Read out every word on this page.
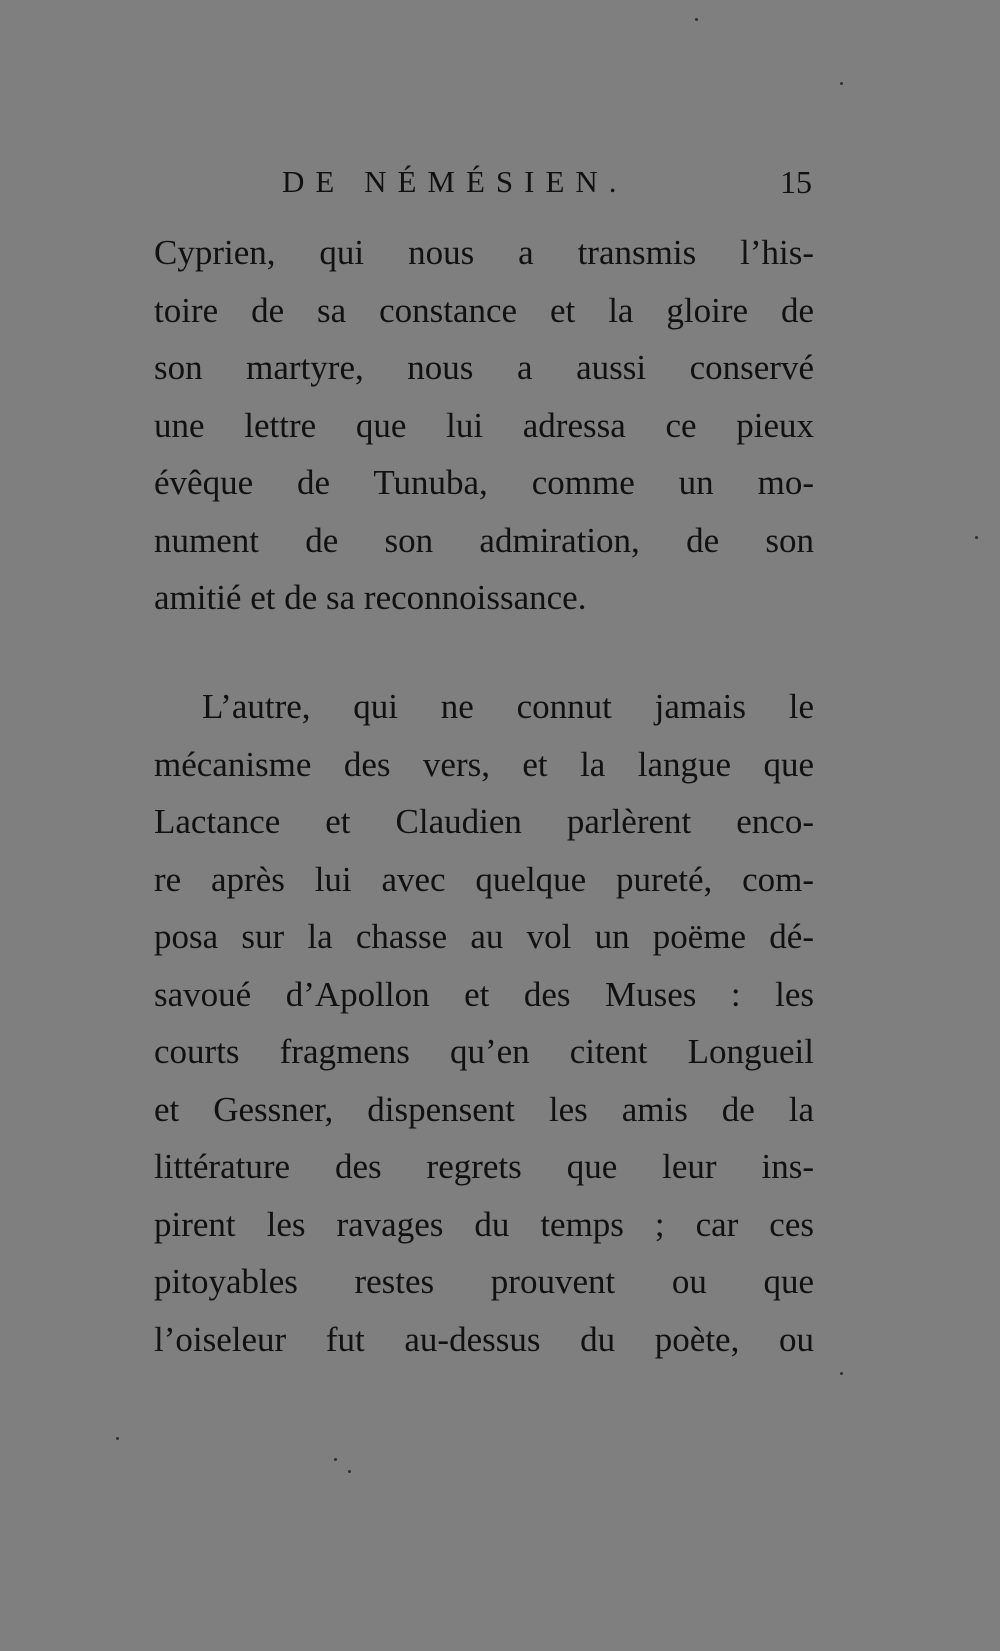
DE NÉMÉSIEN.	15
Cyprien, qui nous a transmis l’his-
toire de sa constance et la gloire de
son martyre, nous a aussi conservé
une lettre que lui adressa ce pieux
évêque de Tunuba, comme un mo-
nument de son admiration, de son
amitié et de sa reconnoissance.
L’autre, qui ne connut jamais le
mécanisme des vers, et la langue que
Lactance et Claudien parlèrent enco-
re après lui avec quelque pureté, com-
posa sur la chasse au vol un poëme dé-
savoué d’Apollon et des Muses : les
courts fragmens qu’en citent Longueil
et Gessner, dispensent les amis de la
littérature des regrets que leur ins-
pirent les ravages du temps ; car ces
pitoyables restes prouvent ou que
l’oiseleur fut au-dessus du poète, ou
